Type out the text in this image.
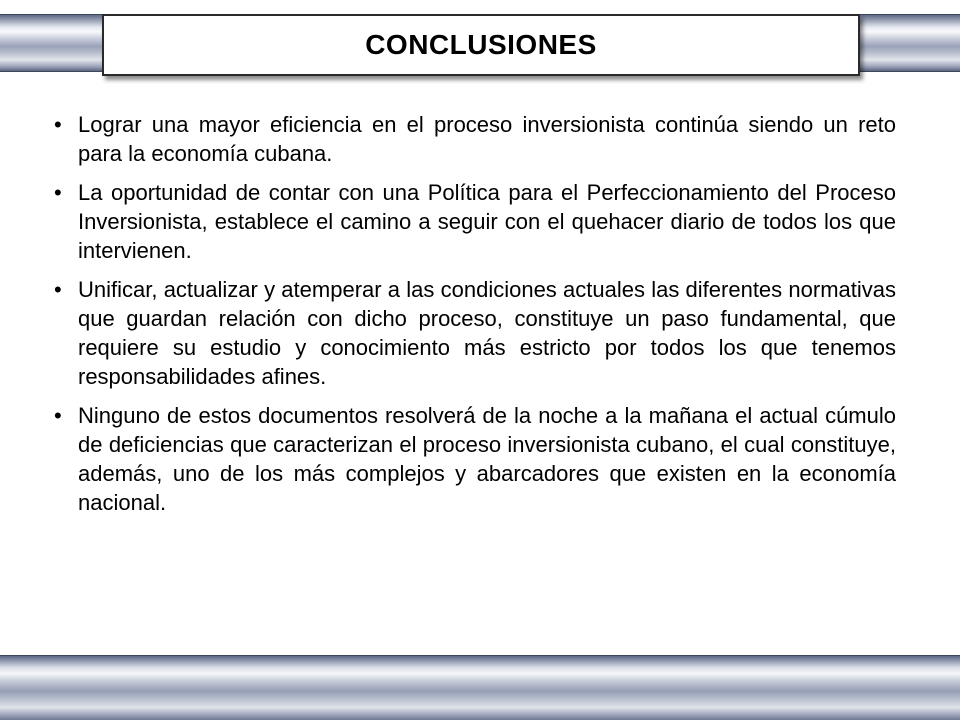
CONCLUSIONES
• Lograr una mayor eficiencia en el proceso inversionista continúa siendo un reto para la economía cubana.
• La oportunidad de contar con una Política para el Perfeccionamiento del Proceso Inversionista, establece el camino a seguir con el quehacer diario de todos los que intervienen.
• Unificar, actualizar y atemperar a las condiciones actuales las diferentes normativas que guardan relación con dicho proceso, constituye un paso fundamental, que requiere su estudio y conocimiento más estricto por todos los que tenemos responsabilidades afines.
• Ninguno de estos documentos resolverá de la noche a la mañana el actual cúmulo de deficiencias que caracterizan el proceso inversionista cubano, el cual constituye, además, uno de los más complejos y abarcadores que existen en la economía nacional.
